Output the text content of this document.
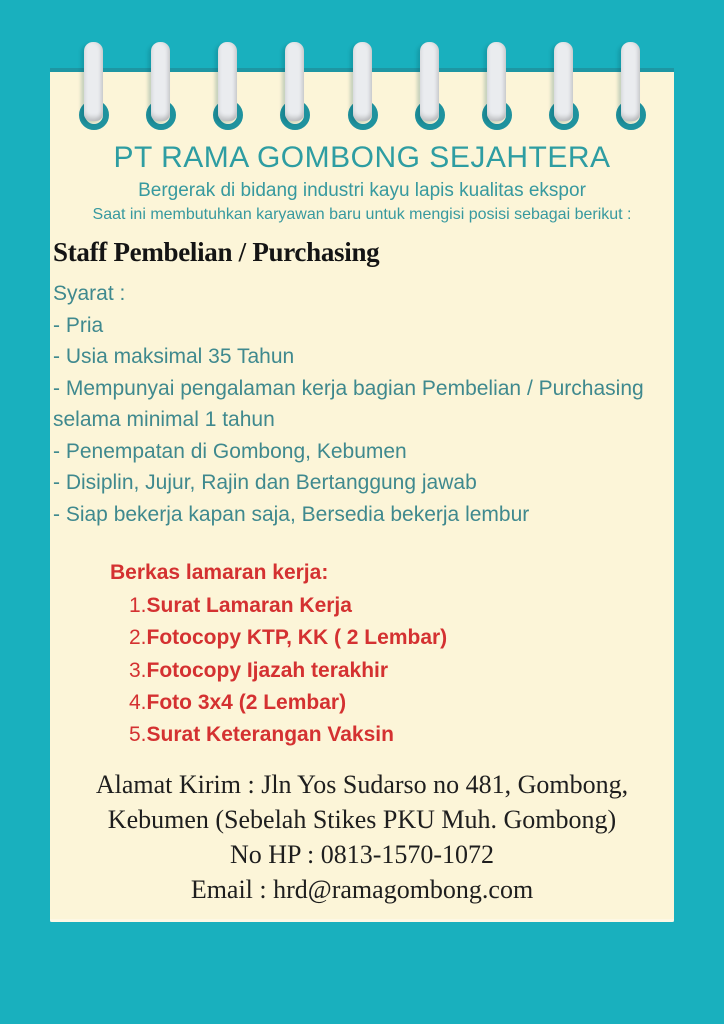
PT RAMA GOMBONG SEJAHTERA
Bergerak di bidang industri kayu lapis kualitas ekspor
Saat ini membutuhkan karyawan baru untuk mengisi posisi sebagai berikut :
Staff Pembelian / Purchasing
Syarat :
- Pria
- Usia maksimal 35 Tahun
- Mempunyai pengalaman kerja bagian Pembelian / Purchasing
selama minimal 1 tahun
- Penempatan di Gombong, Kebumen
- Disiplin, Jujur, Rajin dan Bertanggung jawab
- Siap bekerja kapan saja, Bersedia bekerja lembur
Berkas lamaran kerja:
1.Surat Lamaran Kerja
2.Fotocopy KTP, KK ( 2 Lembar)
3.Fotocopy Ijazah terakhir
4.Foto 3x4 (2 Lembar)
5.Surat Keterangan Vaksin
Alamat Kirim : Jln Yos Sudarso no 481, Gombong,
Kebumen (Sebelah Stikes PKU Muh. Gombong)
No HP : 0813-1570-1072
Email : hrd@ramagombong.com
